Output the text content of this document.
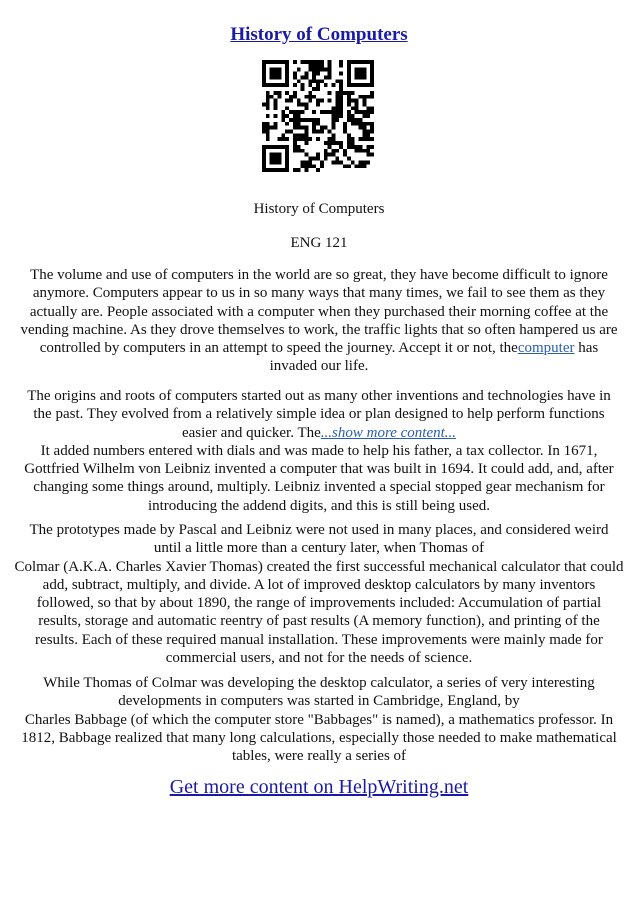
History of Computers
History of Computers
ENG 121
The volume and use of computers in the world are so great, they have become difficult to ignore
anymore. Computers appear to us in so many ways that many times, we fail to see them as they
actually are. People associated with a computer when they purchased their morning coffee at the
vending machine. As they drove themselves to work, the traffic lights that so often hampered us are
controlled by computers in an attempt to speed the journey. Accept it or not, thecomputer has
invaded our life.
The origins and roots of computers started out as many other inventions and technologies have in
the past. They evolved from a relatively simple idea or plan designed to help perform functions
easier and quicker. The...show more content...
It added numbers entered with dials and was made to help his father, a tax collector. In 1671,
Gottfried Wilhelm von Leibniz invented a computer that was built in 1694. It could add, and, after
changing some things around, multiply. Leibniz invented a special stopped gear mechanism for
introducing the addend digits, and this is still being used.
The prototypes made by Pascal and Leibniz were not used in many places, and considered weird
until a little more than a century later, when Thomas of
Colmar (A.K.A. Charles Xavier Thomas) created the first successful mechanical calculator that could
add, subtract, multiply, and divide. A lot of improved desktop calculators by many inventors
followed, so that by about 1890, the range of improvements included: Accumulation of partial
results, storage and automatic reentry of past results (A memory function), and printing of the
results. Each of these required manual installation. These improvements were mainly made for
commercial users, and not for the needs of science.
While Thomas of Colmar was developing the desktop calculator, a series of very interesting
developments in computers was started in Cambridge, England, by
Charles Babbage (of which the computer store "Babbages" is named), a mathematics professor. In
1812, Babbage realized that many long calculations, especially those needed to make mathematical
tables, were really a series of
Get more content on HelpWriting.net
